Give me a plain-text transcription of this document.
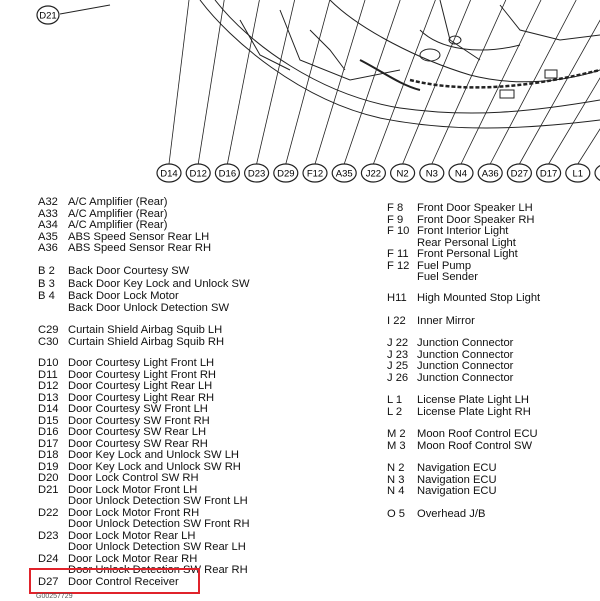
D21
D14 D12 D16 D23 D29 F12 A35 J22 N2 N3 N4 A36 D27 D17 L1
A32 A/C Amplifier (Rear)
A33 A/C Amplifier (Rear)
A34 A/C Amplifier (Rear)
A35 ABS Speed Sensor Rear LH
A36 ABS Speed Sensor Rear RH
B 2	Back Door Courtesy SW
B 3	Back Door Key Lock and Unlock SW
B 4	Back Door Lock Motor
Back Door Unlock Detection SW
C29 Curtain Shield Airbag Squib LH
C30 Curtain Shield Airbag Squib RH
D10 Door Courtesy Light Front LH
D11 Door Courtesy Light Front RH
D12 Door Courtesy Light Rear LH
D13 Door Courtesy Light Rear RH
D14 Door Courtesy SW Front LH
D15 Door Courtesy SW Front RH
D16 Door Courtesy SW Rear LH
D17 Door Courtesy SW Rear RH
D18 Door Key Lock and Unlock SW LH
D19 Door Key Lock and Unlock SW RH
D20 Door Lock Control SW RH
D21 Door Lock Motor Front LH
Door Unlock Detection SW Front LH
D22 Door Lock Motor Front RH
Door Unlock Detection SW Front RH
D23 Door Lock Motor Rear LH
Door Unlock Detection SW Rear LH
D24 Door Lock Motor Rear RH
Door Unlock Detection SW Rear RH
D27 Door Control Receiver
F 8	Front Door Speaker LH
F 9	Front Door Speaker RH
F 10 Front Interior Light
Rear Personal Light
F 11 Front Personal Light
F 12 Fuel Pump
Fuel Sender
H11 High Mounted Stop Light
I 22	Inner Mirror
J 22 Junction Connector
J 23 Junction Connector
J 25 Junction Connector
J 26 Junction Connector
L 1	License Plate Light LH
L 2	License Plate Light RH
M 2	Moon Roof Control ECU
M 3	Moon Roof Control SW
N 2	Navigation ECU
N 3	Navigation ECU
N 4	Navigation ECU
O 5	Overhead J/B
G00257729
